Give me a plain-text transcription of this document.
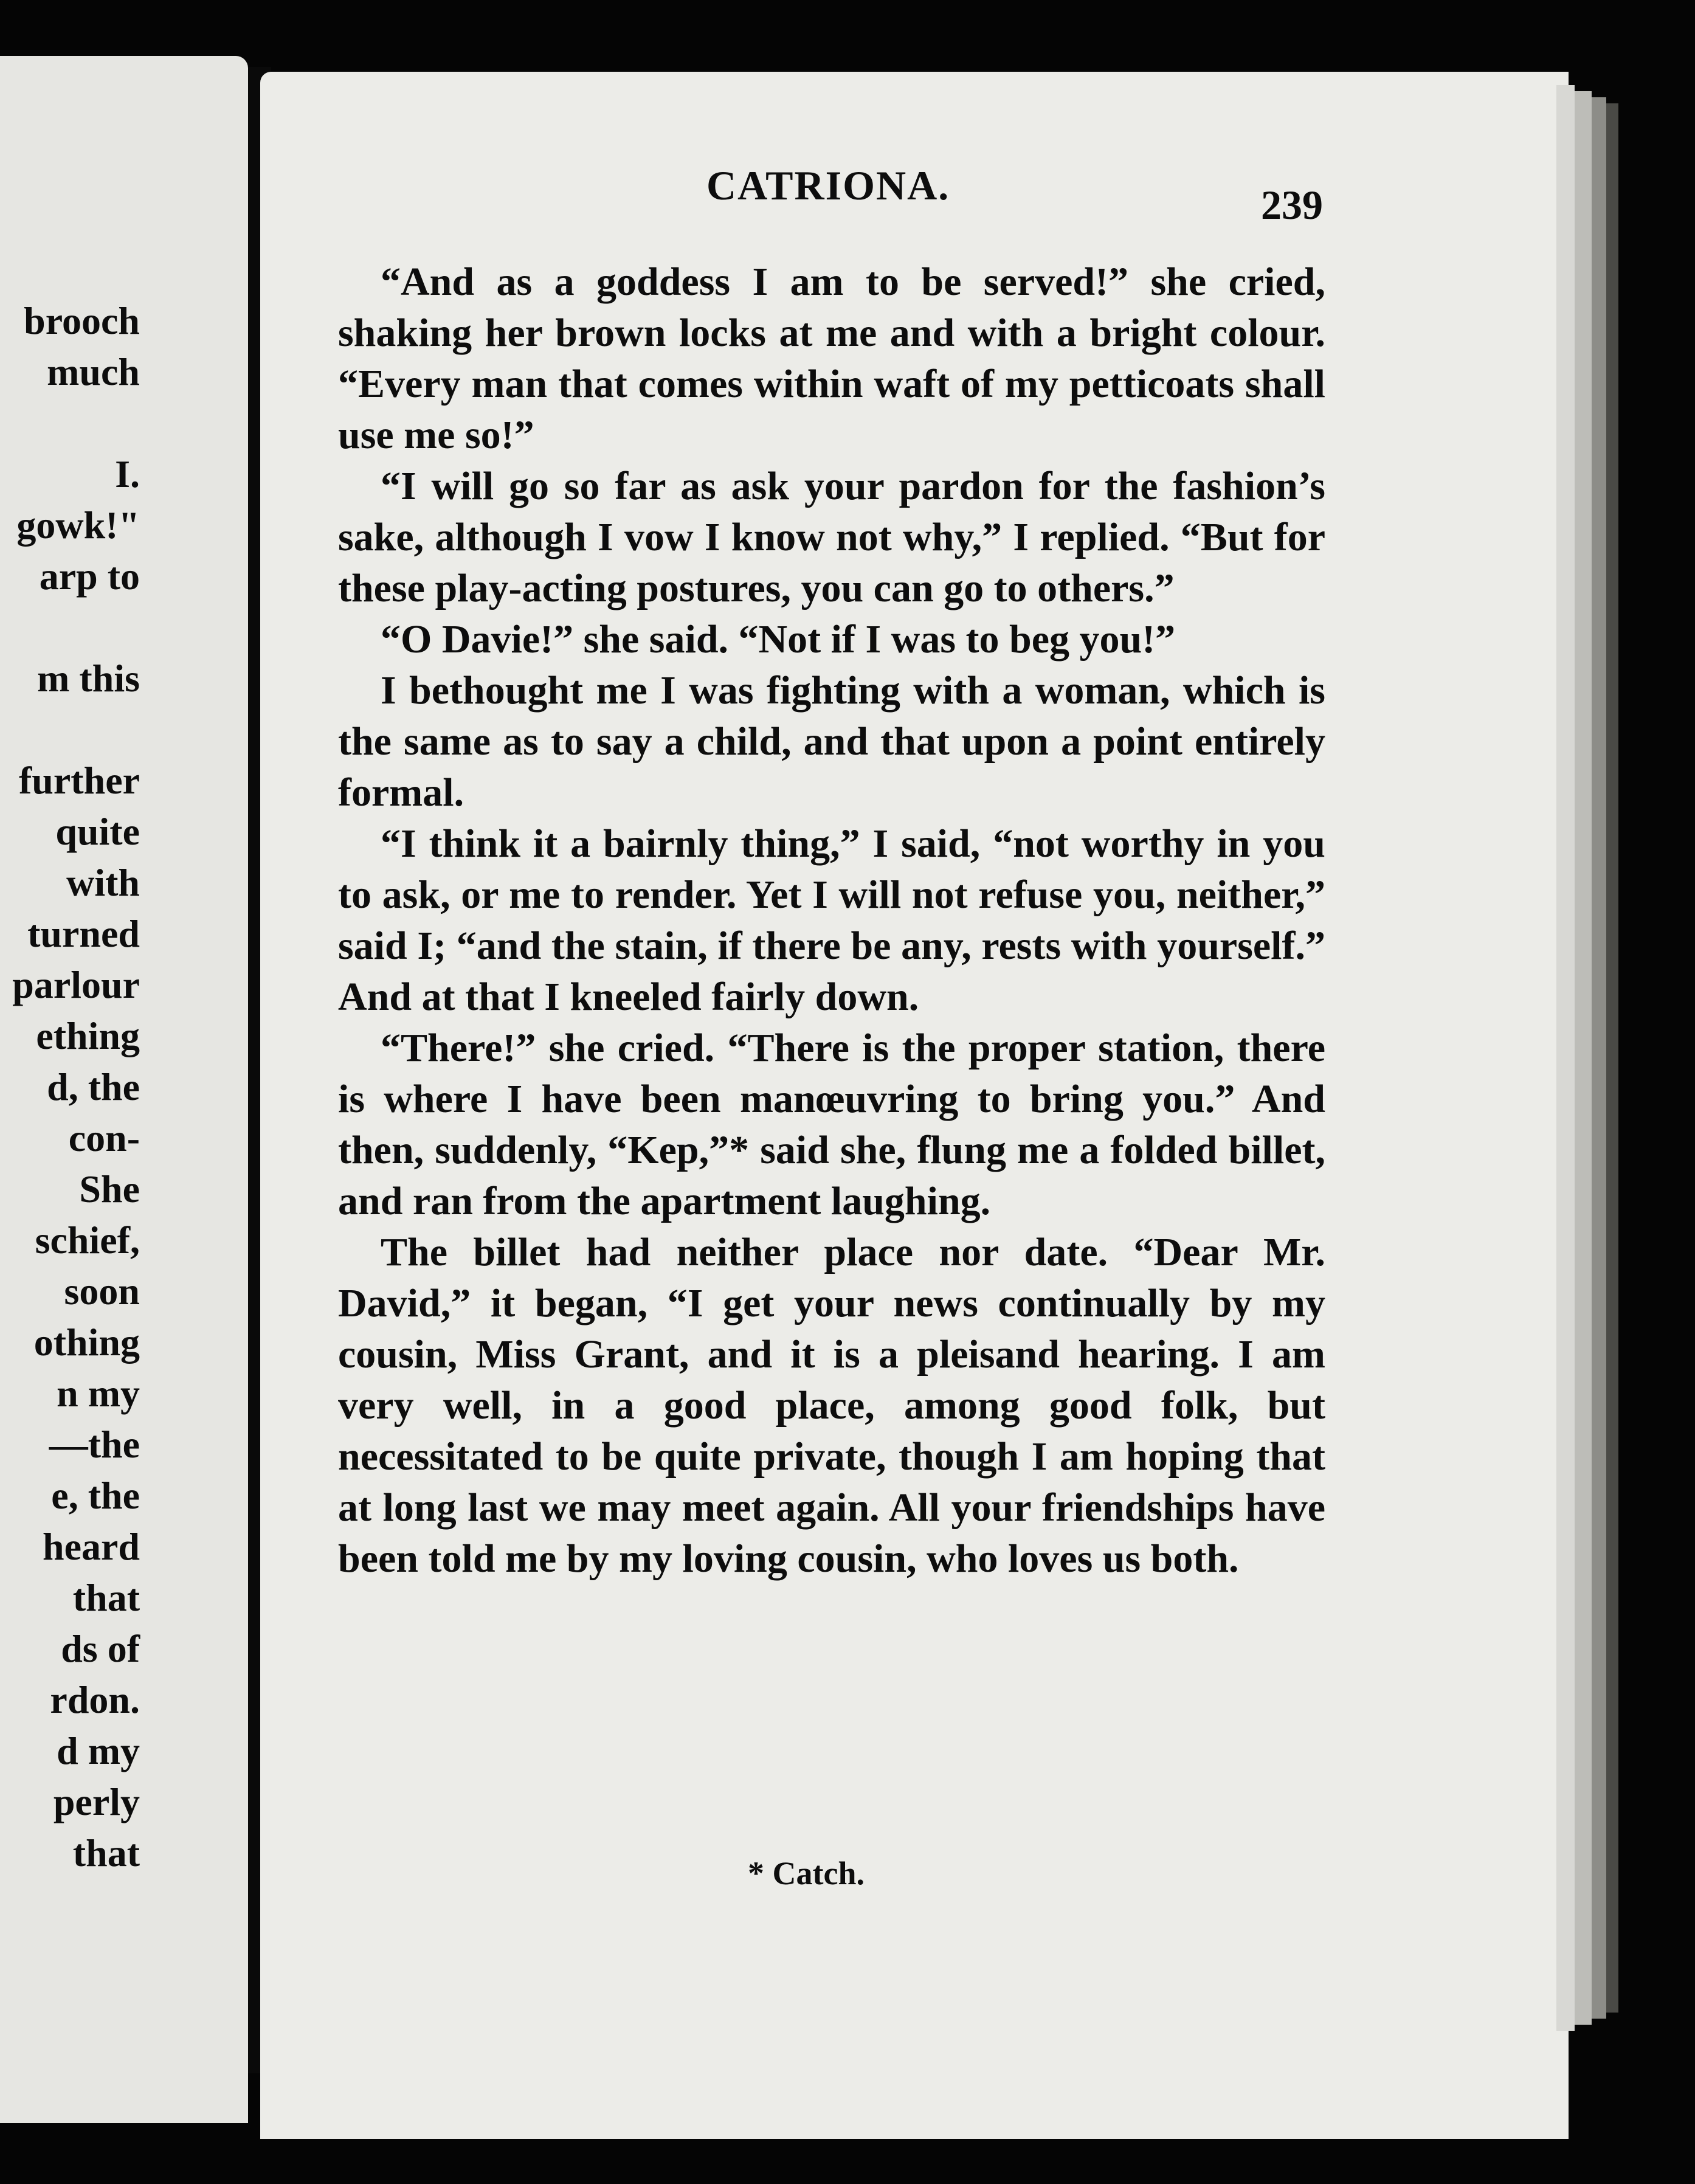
brooch
much
I.
gowk!"
arp to
m this
further
quite
with
turned
parlour
ething
d, the
con-
She
schief,
soon
othing
n my
—the
e, the
heard
that
ds of
rdon.
d my
perly
that
CATRIONA.	239

“And as a goddess I am to be served!” she cried, shaking her brown locks at me and with a bright colour. “Every man that comes within waft of my petticoats shall use me so!”

“I will go so far as ask your pardon for the fashion’s sake, although I vow I know not why,” I replied. “But for these play-acting postures, you can go to others.”

“O Davie!” she said. “Not if I was to beg you!”

I bethought me I was fighting with a woman, which is the same as to say a child, and that upon a point entirely formal.

“I think it a bairnly thing,” I said, “not worthy in you to ask, or me to render. Yet I will not refuse you, neither,” said I; “and the stain, if there be any, rests with yourself.” And at that I kneeled fairly down.

“There!” she cried. “There is the proper station, there is where I have been manœuvring to bring you.” And then, suddenly, “Kep,”* said she, flung me a folded billet, and ran from the apartment laughing.

The billet had neither place nor date. “Dear Mr. David,” it began, “I get your news continually by my cousin, Miss Grant, and it is a pleisand hearing. I am very well, in a good place, among good folk, but necessitated to be quite private, though I am hoping that at long last we may meet again. All your friendships have been told me by my loving cousin, who loves us both.

* Catch.
